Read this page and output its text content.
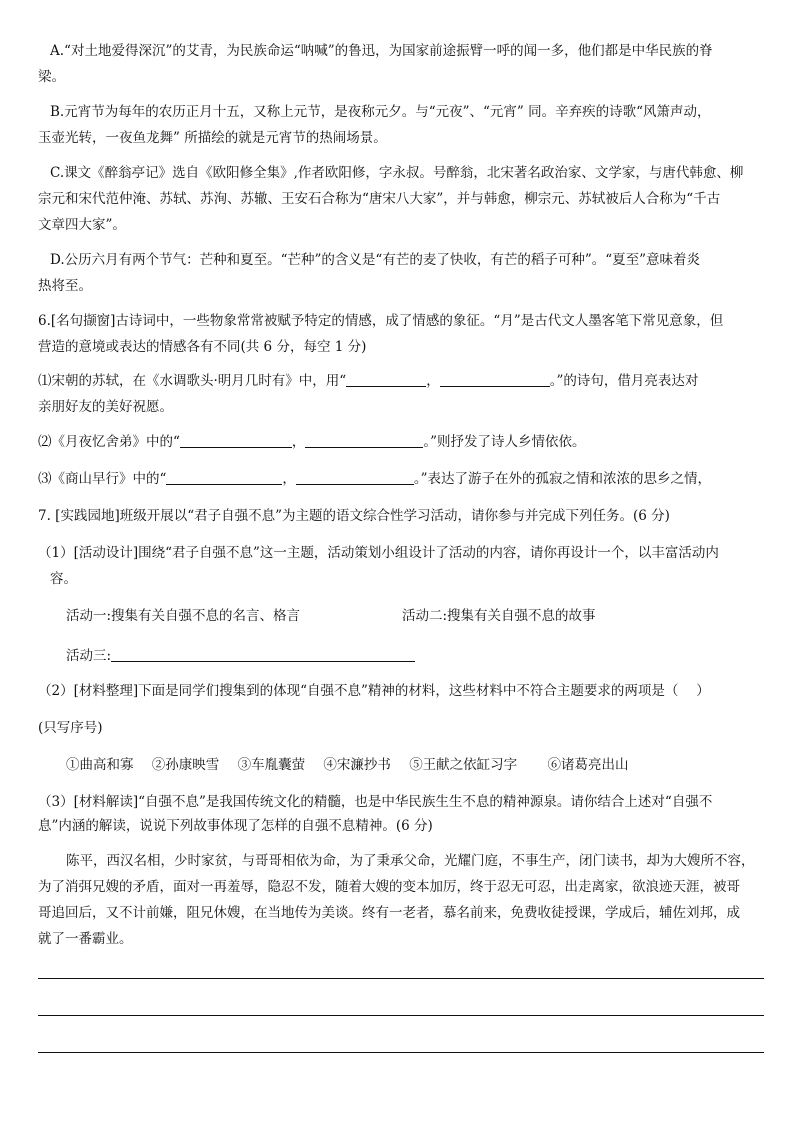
A.“对土地爱得深沉”的艾青，为民族命运“呐喊”的鲁迅，为国家前途振臂一呼的闻一多，他们都是中华民族的脊
梁。
B.元宵节为每年的农历正月十五，又称上元节，是夜称元夕。与“元夜”、“元宵” 同。辛弃疾的诗歌“风箫声动，
玉壶光转，一夜鱼龙舞” 所描绘的就是元宵节的热闹场景。
C.课文《醉翁亭记》选自《欧阳修全集》,作者欧阳修，字永叔。号醉翁，北宋著名政治家、文学家，与唐代韩愈、柳
宗元和宋代范仲淹、苏轼、苏洵、苏辙、王安石合称为“唐宋八大家”，并与韩愈，柳宗元、苏轼被后人合称为“千古
文章四大家”。
D.公历六月有两个节气：芒种和夏至。“芒种”的含义是“有芒的麦了快收，有芒的稻子可种”。“夏至”意味着炎
热将至。
6.[名句撷窗]古诗词中，一些物象常常被赋予特定的情感，成了情感的象征。“月”是古代文人墨客笔下常见意象，但
营造的意境或表达的情感各有不同(共 6 分，每空 1 分)
⑴宋朝的苏轼，在《水调歌头·明月几时有》中，用“	，	。”的诗句，借月亮表达对
亲朋好友的美好祝愿。
⑵《月夜忆舍弟》中的“	，	。”则抒发了诗人乡情依依。
⑶《商山早行》中的“	，	。”表达了游子在外的孤寂之情和浓浓的思乡之情，
7. [实践园地]班级开展以“君子自强不息”为主题的语文综合性学习活动，请你参与并完成下列任务。(6 分)
（1）[活动设计]围绕“君子自强不息”这一主题，活动策划小组设计了活动的内容，请你再设计一个，以丰富活动内
容。
活动一:搜集有关自强不息的名言、格言	活动二:搜集有关自强不息的故事
活动三:
（2）[材料整理]下面是同学们搜集到的体现“自强不息”精神的材料，这些材料中不符合主题要求的两项是（ 　）
(只写序号)
①曲高和寡 ②孙康映雪 ③车胤囊萤 ④宋濂抄书 ⑤王献之依缸习字 ⑥诸葛亮出山
（3）[材料解读]“自强不息”是我国传统文化的精髓，也是中华民族生生不息的精神源泉。请你结合上述对“自强不
息”内涵的解读，说说下列故事体现了怎样的自强不息精神。(6 分)
陈平，西汉名相，少时家贫，与哥哥相依为命，为了秉承父命，光耀门庭，不事生产，闭门读书，却为大嫂所不容，
为了消弭兄嫂的矛盾，面对一再羞辱，隐忍不发，随着大嫂的变本加厉，终于忍无可忍，出走离家，欲浪迹天涯，被哥
哥追回后，又不计前嫌，阻兄休嫂，在当地传为美谈。终有一老者，慕名前来，免费收徒授课，学成后，辅佐刘邦，成
就了一番霸业。
